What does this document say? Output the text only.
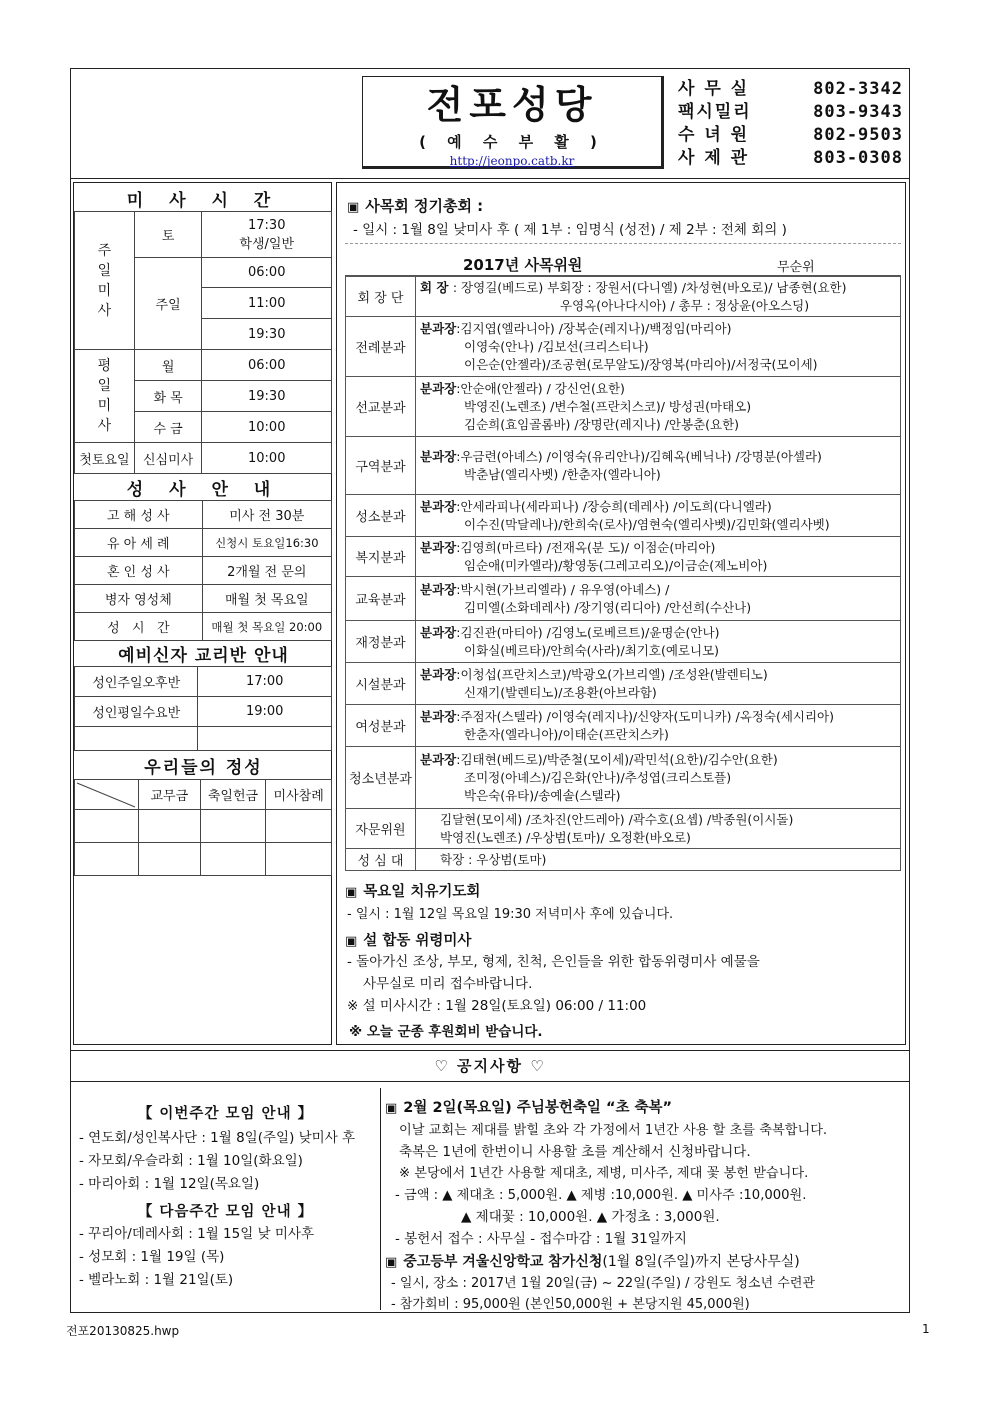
전포성당
( 예 수 부 활 )
http://jeonpo.catb.kr
사 무 실	802-3342
팩시밀리	803-9343
수 녀 원	802-9503
사 제 관	803-0308
미 사 시 간
주일미사	토	17:30
학생/일반

	주일	06:00
		11:00
		19:30

평일미사	월	06:00
	화 목	19:30
	수 금	10:00
첫토요일	신심미사	10:00
성 사 안 내
고 해 성 사	미사 전 30분
유 아 세 례	신청시 토요일16:30
혼 인 성 사	2개월 전 문의
병자 영성체	매월 첫 목요일
성   시   간	매월 첫 목요일 20:00
예비신자 교리반 안내
성인주일오후반	17:00
성인평일수요반	19:00

우리들의 정성
	교무금	축일헌금	미사참례

▣ 사목회 정기총회 :
- 일시 : 1월 8일 낮미사 후 ( 제 1부 : 임명식 (성전) / 제 2부 : 전체 회의 )
2017년 사목위원	무순위
회 장 단	회 장 : 장영길(베드로) 부회장 : 장원서(다니엘) /차성현(바오로)/ 남종현(요한)
우영옥(아나다시아) / 총무 : 정상윤(아오스딩)

전례분과	분과장:김지엽(엘라니아) /장복순(레지나)/백정임(마리아)
이영숙(안나) /김보선(크리스티나)
이은순(안젤라)/조공현(로무알도)/장영복(마리아)/서정국(모이세)

선교분과	분과장:안순애(안젤라) / 강신언(요한)
박영진(노렌조) /변수철(프란치스코)/ 방성권(마태오)
김순희(효임골롬바) /장명란(레지나) /안봉춘(요한)

구역분과	분과장:우금련(아녜스) /이영숙(유리안나)/김혜옥(베닉나) /강명분(아셀라)
박춘남(엘리사벳) /한춘자(엘라니아)

성소분과	분과장:안세라피나(세라피나) /장승희(데레사) /이도희(다니엘라)
이수진(막달레나)/한희숙(로사)/염현숙(엘리사벳)/김민화(엘리사벳)

복지분과	분과장:김영희(마르타) /전재옥(분 도)/ 이점순(마리아)
임순애(미카엘라)/황영동(그레고리오)/이금순(제노비아)

교육분과	분과장:박시현(가브리엘라) / 유우영(아녜스) /
김미엘(소화데레사) /장기영(리디아) /안선희(수산나)

재정분과	분과장:김진관(마티아) /김영노(로베르트)/윤명순(안나)
이화실(베르타)/안희숙(사라)/최기호(예로니모)

시설분과	분과장:이청섭(프란치스코)/박광오(가브리엘) /조성완(발렌티노)
신재기(발렌티노)/조용환(아브라함)

여성분과	분과장:주점자(스텔라) /이영숙(레지나)/신양자(도미니카) /옥정숙(세시리아)
한춘자(엘라니아)/이태순(프란치스카)

청소년분과	분과장:김태현(베드로)/박준철(모이세)/곽민석(요한)/김수안(요한)
조미정(아녜스)/김은화(안나)/추성엽(크리스토플)
박은숙(유타)/송예솔(스텔라)

자문위원	김달현(모이세) /조차진(안드레아) /곽수호(요셉) /박종원(이시돌)
박영진(노렌조) /우상범(토마)/ 오정환(바오로)

성 심 대	학장 : 우상범(토마)
▣ 목요일 치유기도회
- 일시 : 1월 12일 목요일 19:30 저녁미사 후에 있습니다.
▣ 설 합동 위령미사
- 돌아가신 조상, 부모, 형제, 친척, 은인들을 위한 합동위령미사 예물을
사무실로 미리 접수바랍니다.
※ 설 미사시간 : 1월 28일(토요일) 06:00 / 11:00
※ 오늘 군종 후원회비 받습니다.
♡ 공지사항 ♡
【 이번주간 모임 안내 】
- 연도회/성인복사단 : 1월 8일(주일) 낮미사 후
- 자모회/우슬라회 : 1월 10일(화요일)
- 마리아회 : 1월 12일(목요일)
【 다음주간 모임 안내 】
- 꾸리아/데레사회 : 1월 15일 낮 미사후
- 성모회 : 1월 19일 (목)
- 벨라노회 : 1월 21일(토)
▣ 2월 2일(목요일) 주님봉헌축일 “초 축복”
이날 교회는 제대를 밝힐 초와 각 가정에서 1년간 사용 할 초를 축복합니다.
축복은 1년에 한번이니 사용할 초를 계산해서 신청바랍니다.
※ 본당에서 1년간 사용할 제대초, 제병, 미사주, 제대 꽃 봉헌 받습니다.
- 금액 : ▲ 제대초 : 5,000원. ▲ 제병 :10,000원. ▲ 미사주 :10,000원.
▲ 제대꽃 : 10,000원. ▲ 가정초 : 3,000원.
- 봉헌서 접수 : 사무실 - 접수마감 : 1월 31일까지
▣ 중고등부 겨울신앙학교 참가신청(1월 8일(주일)까지 본당사무실)
- 일시, 장소 : 2017년 1월 20일(금) ~ 22일(주일) / 강원도 청소년 수련관
- 참가회비 : 95,000원 (본인50,000원 + 본당지원 45,000원)
전포20130825.hwp	1
